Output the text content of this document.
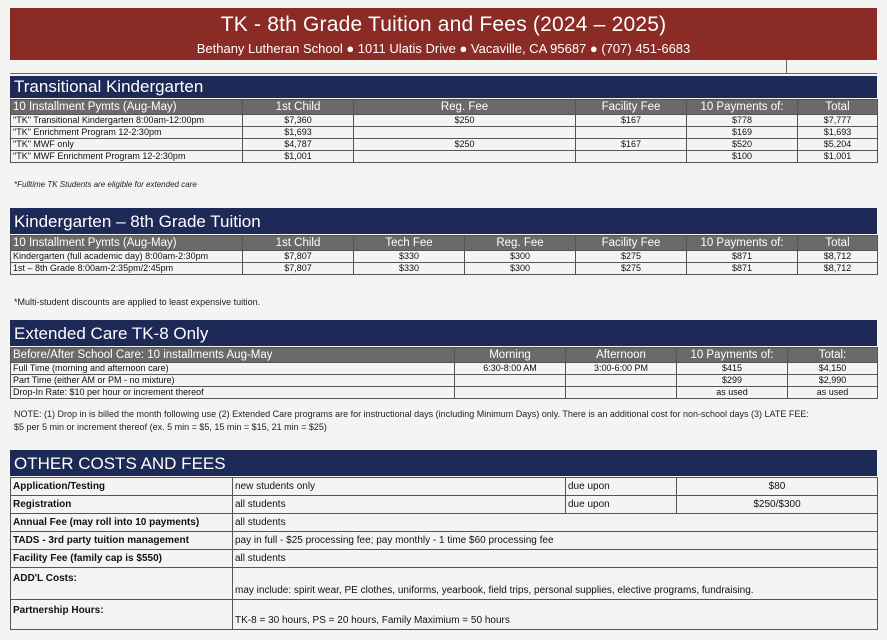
TK - 8th Grade Tuition and Fees (2024 – 2025)
Bethany Lutheran School ● 1011 Ulatis Drive ● Vacaville, CA 95687 ● (707) 451-6683
Transitional Kindergarten
10 Installment Pymts (Aug-May)	1st Child	Reg. Fee	Facility Fee	10 Payments of:	Total
"TK" Transitional Kindergarten 8:00am-12:00pm	$7,360	$250	$167	$778	$7,777
"TK" Enrichment Program 12-2:30pm	$1,693			$169	$1,693
"TK" MWF only	$4,787	$250	$167	$520	$5,204
"TK" MWF Enrichment Program 12-2:30pm	$1,001			$100	$1,001
*Fulltime TK Students are eligible for extended care
Kindergarten – 8th Grade Tuition
10 Installment Pymts (Aug-May)	1st Child	Tech Fee	Reg. Fee	Facility Fee	10 Payments of:	Total
Kindergarten (full academic day) 8:00am-2:30pm	$7,807	$330	$300	$275	$871	$8,712
1st – 8th Grade 8:00am-2:35pm/2:45pm	$7,807	$330	$300	$275	$871	$8,712
*Multi-student discounts are applied to least expensive tuition.
Extended Care TK-8 Only
Before/After School Care: 10 installments Aug-May	Morning	Afternoon	10 Payments of:	Total:
Full Time (morning and afternoon care)	6:30-8:00 AM	3:00-6:00 PM	$415	$4,150
Part Time (either AM or PM - no mixture)			$299	$2,990
Drop-In Rate: $10 per hour or increment thereof			as used	as used
NOTE: (1) Drop in is billed the month following use (2) Extended Care programs are for instructional days (including Minimum Days) only. There is an additional cost for non-school days (3) LATE FEE: $5 per 5 min or increment thereof (ex. 5 min = $5, 15 min = $15, 21 min = $25)
OTHER COSTS AND FEES
Application/Testing	new students only	due upon	$80
Registration	all students	due upon	$250/$300
Annual Fee (may roll into 10 payments)	all students		
TADS - 3rd party tuition management	pay in full - $25 processing fee; pay monthly - 1 time $60 processing fee		
Facility Fee (family cap is $550)	all students		
ADD'L Costs:	may include: spirit wear, PE clothes, uniforms, yearbook, field trips, personal supplies, elective programs, fundraising.		
Partnership Hours:	TK-8 = 30 hours, PS = 20 hours, Family Maximium = 50 hours		
